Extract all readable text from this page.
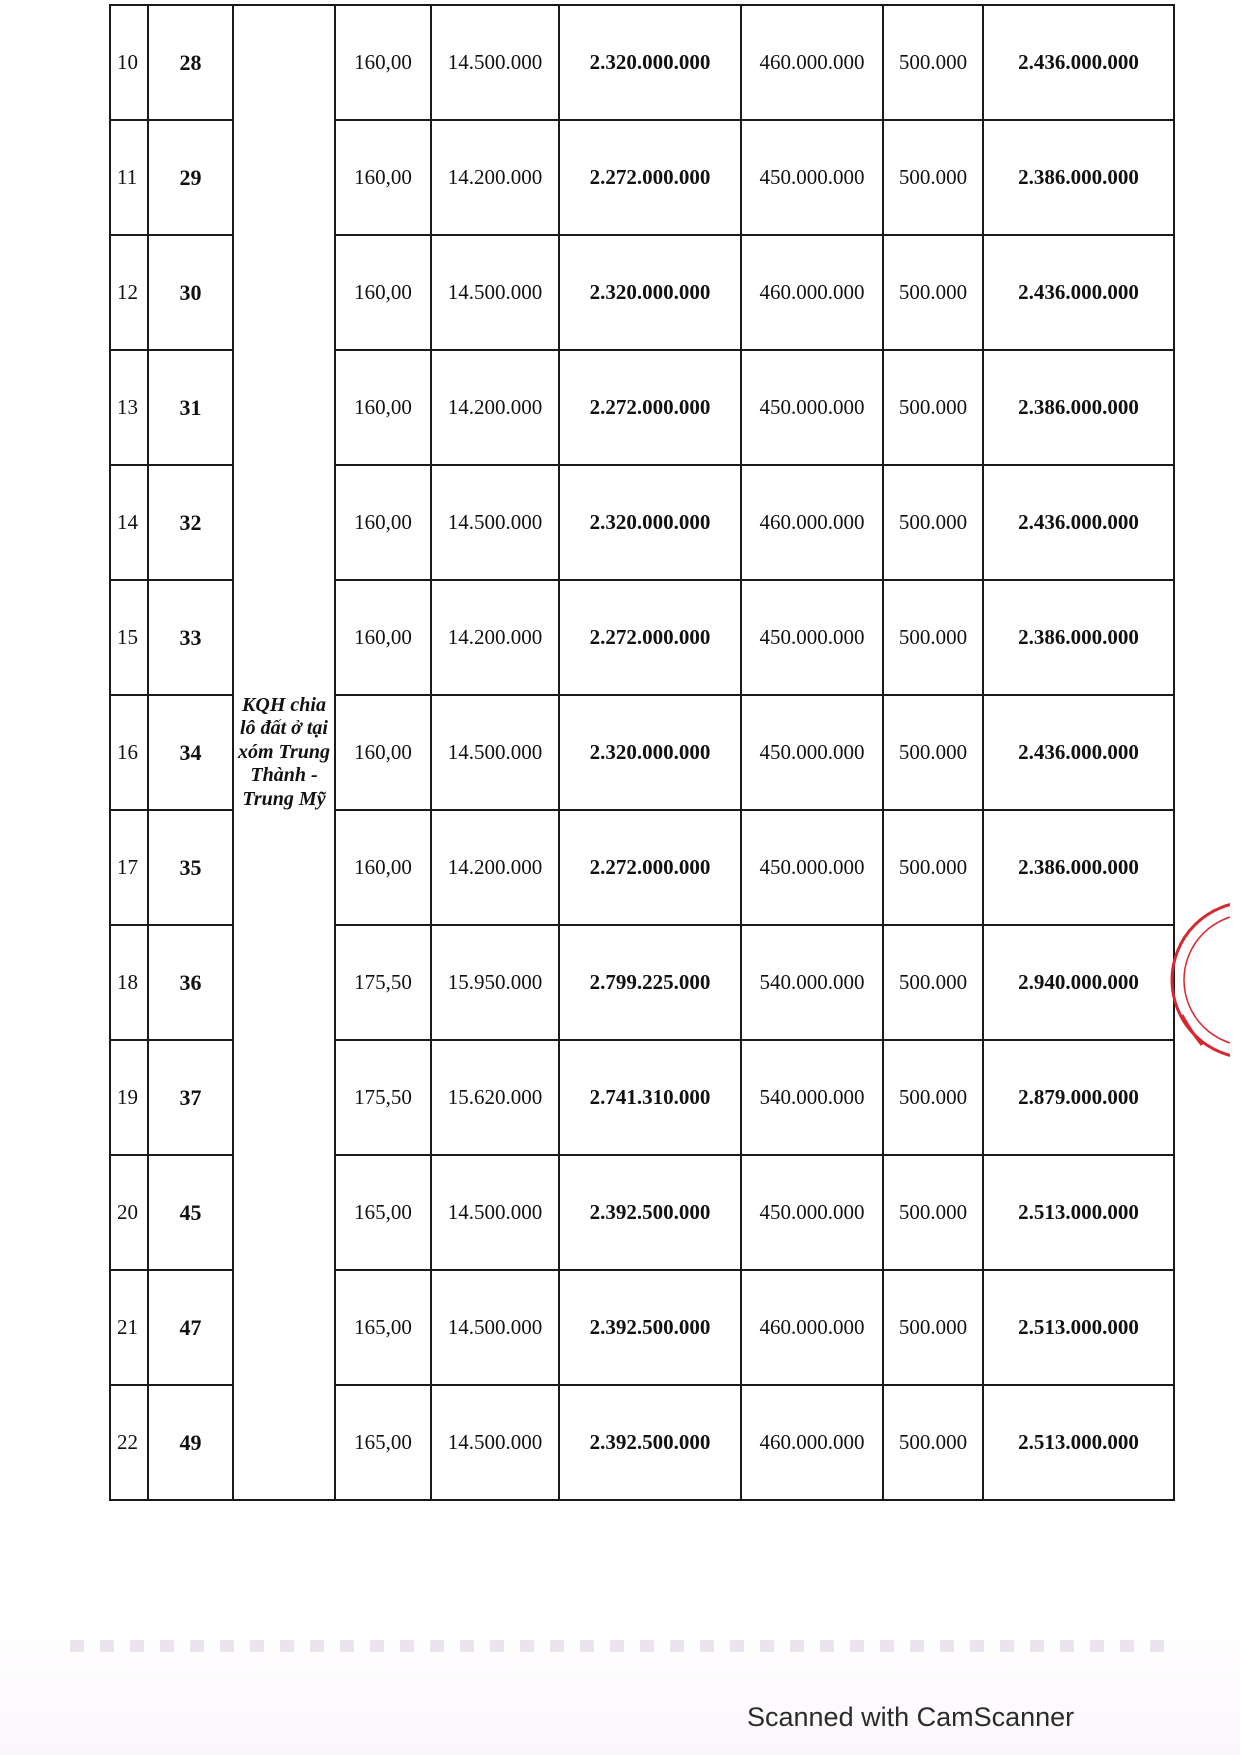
10	28	KQH chia lô đất ở tại xóm Trung Thành - Trung Mỹ	160,00	14.500.000	2.320.000.000	460.000.000	500.000	2.436.000.000
11	29		160,00	14.200.000	2.272.000.000	450.000.000	500.000	2.386.000.000
12	30		160,00	14.500.000	2.320.000.000	460.000.000	500.000	2.436.000.000
13	31		160,00	14.200.000	2.272.000.000	450.000.000	500.000	2.386.000.000
14	32		160,00	14.500.000	2.320.000.000	460.000.000	500.000	2.436.000.000
15	33		160,00	14.200.000	2.272.000.000	450.000.000	500.000	2.386.000.000
16	34		160,00	14.500.000	2.320.000.000	450.000.000	500.000	2.436.000.000
17	35		160,00	14.200.000	2.272.000.000	450.000.000	500.000	2.386.000.000
18	36		175,50	15.950.000	2.799.225.000	540.000.000	500.000	2.940.000.000
19	37		175,50	15.620.000	2.741.310.000	540.000.000	500.000	2.879.000.000
20	45		165,00	14.500.000	2.392.500.000	450.000.000	500.000	2.513.000.000
21	47		165,00	14.500.000	2.392.500.000	460.000.000	500.000	2.513.000.000
22	49		165,00	14.500.000	2.392.500.000	460.000.000	500.000	2.513.000.000
Scanned with CamScanner
